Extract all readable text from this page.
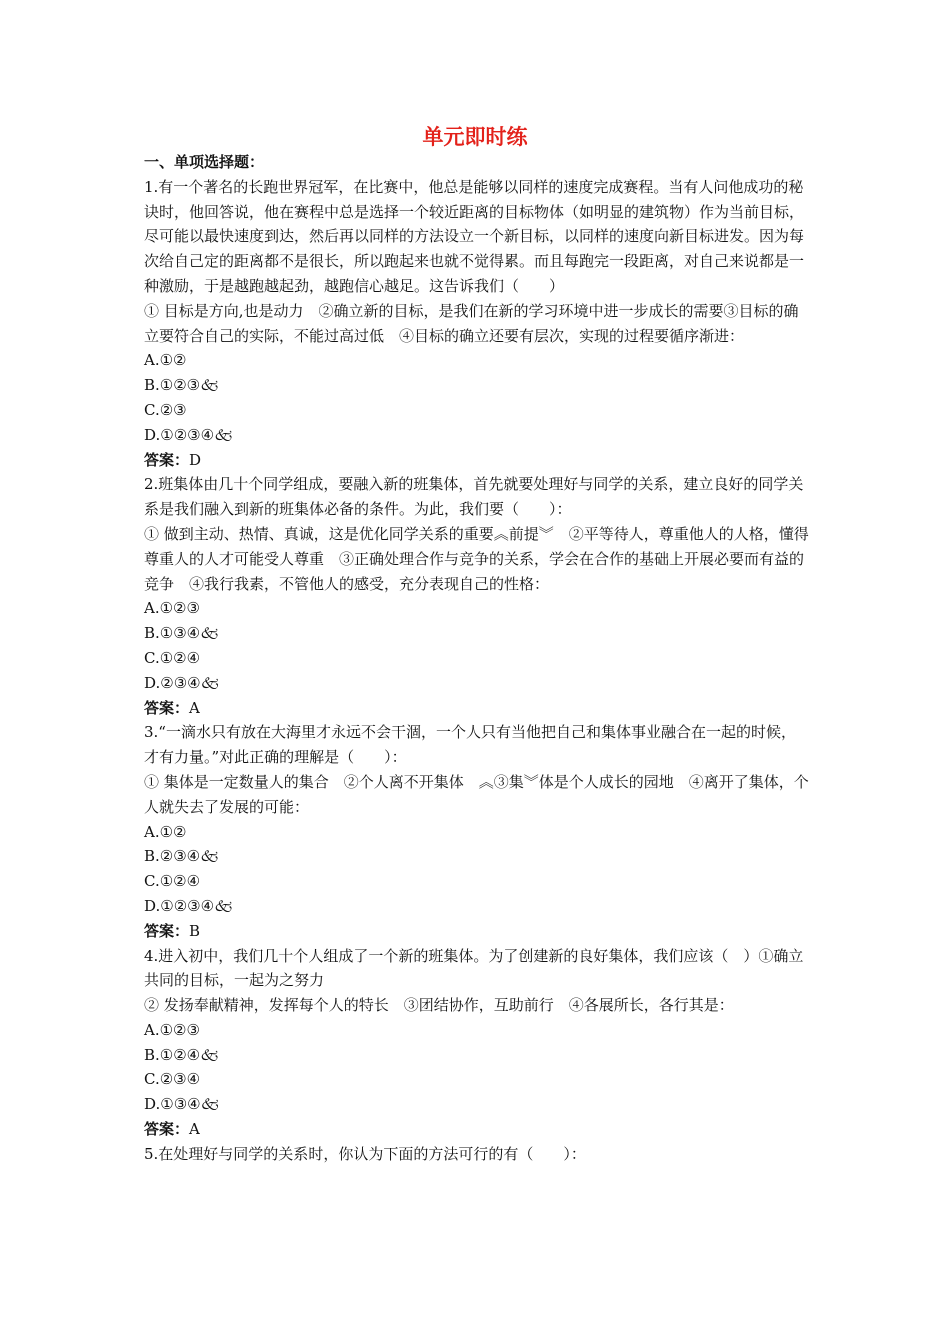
单元即时练
一、单项选择题：
1.有一个著名的长跑世界冠军，在比赛中，他总是能够以同样的速度完成赛程。当有人问他成功的秘诀时，他回答说，他在赛程中总是选择一个较近距离的目标物体（如明显的建筑物）作为当前目标，尽可能以最快速度到达，然后再以同样的方法设立一个新目标，以同样的速度向新目标进发。因为每次给自己定的距离都不是很长，所以跑起来也就不觉得累。而且每跑完一段距离，对自己来说都是一种激励，于是越跑越起劲，越跑信心越足。这告诉我们（　　）
① 目标是方向,也是动力　②确立新的目标，是我们在新的学习环境中进一步成长的需要③目标的确立要符合自己的实际，不能过高过低　④目标的确立还要有层次，实现的过程要循序渐进：
A.①②
B.①②③🙵
C.②③
D.①②③④🙵
答案：D
2.班集体由几十个同学组成，要融入新的班集体，首先就要处理好与同学的关系，建立良好的同学关系是我们融入到新的班集体必备的条件。为此，我们要（　　）：
① 做到主动、热情、真诚，这是优化同学关系的重要︽前提︾　②平等待人，尊重他人的人格，懂得尊重人的人才可能受人尊重　③正确处理合作与竞争的关系，学会在合作的基础上开展必要而有益的竞争　④我行我素，不管他人的感受，充分表现自己的性格：
A.①②③
B.①③④🙵
C.①②④
D.②③④🙵
答案：A
3.“一滴水只有放在大海里才永远不会干涸，一个人只有当他把自己和集体事业融合在一起的时候，才有力量。”对此正确的理解是（　　）：
① 集体是一定数量人的集合　②个人离不开集体　︽③集︾体是个人成长的园地　④离开了集体，个人就失去了发展的可能：
A.①②
B.②③④🙵
C.①②④
D.①②③④🙵
答案：B
4.进入初中，我们几十个人组成了一个新的班集体。为了创建新的良好集体，我们应该（　）①确立共同的目标，一起为之努力
② 发扬奉献精神，发挥每个人的特长　③团结协作，互助前行　④各展所长，各行其是：
A.①②③
B.①②④🙵
C.②③④
D.①③④🙵
答案：A
5.在处理好与同学的关系时，你认为下面的方法可行的有（　　）：
